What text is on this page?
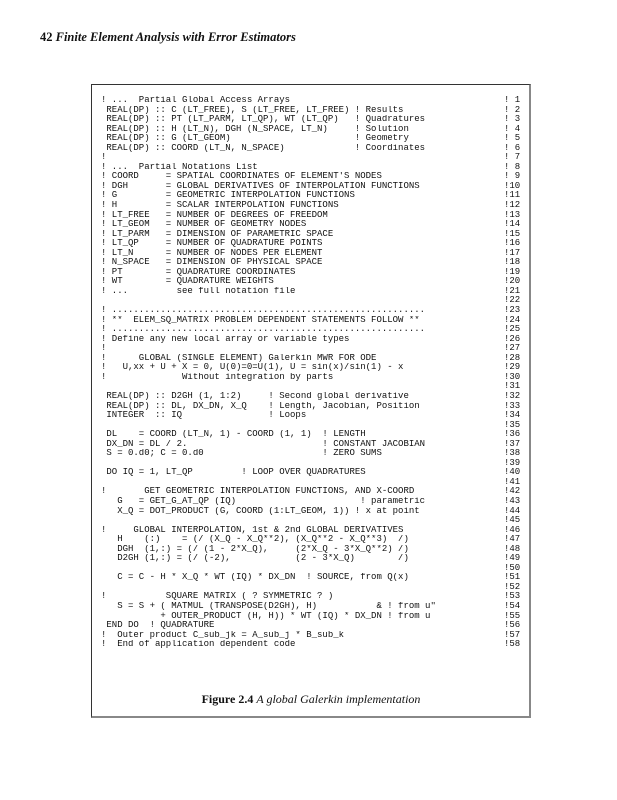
42 Finite Element Analysis with Error Estimators
! ...  Partial Global Access Arrays	! 1
REAL(DP) :: C (LT_FREE), S (LT_FREE, LT_FREE) ! Results	! 2
REAL(DP) :: PT (LT_PARM, LT_QP), WT (LT_QP)   ! Quadratures	! 3
REAL(DP) :: H (LT_N), DGH (N_SPACE, LT_N)     ! Solution	! 4
REAL(DP) :: G (LT_GEOM)                       ! Geometry	! 5
REAL(DP) :: COORD (LT_N, N_SPACE)             ! Coordinates	! 6
!	! 7
! ...  Partial Notations List	! 8
! COORD     = SPATIAL COORDINATES OF ELEMENT'S NODES	! 9
! DGH       = GLOBAL DERIVATIVES OF INTERPOLATION FUNCTIONS	!10
! G         = GEOMETRIC INTERPOLATION FUNCTIONS	!11
! H         = SCALAR INTERPOLATION FUNCTIONS	!12
! LT_FREE   = NUMBER OF DEGREES OF FREEDOM	!13
! LT_GEOM   = NUMBER OF GEOMETRY NODES	!14
! LT_PARM   = DIMENSION OF PARAMETRIC SPACE	!15
! LT_QP     = NUMBER OF QUADRATURE POINTS	!16
! LT_N      = NUMBER OF NODES PER ELEMENT	!17
! N_SPACE   = DIMENSION OF PHYSICAL SPACE	!18
! PT        = QUADRATURE COORDINATES	!19
! WT        = QUADRATURE WEIGHTS	!20
! ...         see full notation file	!21
!22
! ..........................................................	!23
! **  ELEM_SQ_MATRIX PROBLEM DEPENDENT STATEMENTS FOLLOW **	!24
! ..........................................................	!25
! Define any new local array or variable types	!26
!	!27
!      GLOBAL (SINGLE ELEMENT) Galerkin MWR FOR ODE	!28
!   U,xx + U + X = 0, U(0)=0=U(1), U = sin(x)/sin(1) - x	!29
!              Without integration by parts	!30
!31
REAL(DP) :: D2GH (1, 1:2)     ! Second global derivative	!32
REAL(DP) :: DL, DX_DN, X_Q    ! Length, Jacobian, Position	!33
INTEGER  :: IQ                ! Loops	!34
!35
DL    = COORD (LT_N, 1) - COORD (1, 1)  ! LENGTH	!36
DX_DN = DL / 2.                         ! CONSTANT JACOBIAN	!37
S = 0.d0; C = 0.d0                      ! ZERO SUMS	!38
!39
DO IQ = 1, LT_QP         ! LOOP OVER QUADRATURES	!40
!41
!       GET GEOMETRIC INTERPOLATION FUNCTIONS, AND X-COORD	!42
G   = GET_G_AT_QP (IQ)                       ! parametric	!43
X_Q = DOT_PRODUCT (G, COORD (1:LT_GEOM, 1)) ! x at point	!44
!45
!     GLOBAL INTERPOLATION, 1st & 2nd GLOBAL DERIVATIVES	!46
H    (:)    = (/ (X_Q - X_Q**2), (X_Q**2 - X_Q**3)  /)	!47
DGH  (1,:) = (/ (1 - 2*X_Q),     (2*X_Q - 3*X_Q**2) /)	!48
D2GH (1,:) = (/ (-2),            (2 - 3*X_Q)        /)	!49
!50
C = C - H * X_Q * WT (IQ) * DX_DN  ! SOURCE, from Q(x)	!51
!52
!           SQUARE MATRIX ( ? SYMMETRIC ? )	!53
S = S + ( MATMUL (TRANSPOSE(D2GH), H)           & ! from u"	!54
+ OUTER_PRODUCT (H, H)) * WT (IQ) * DX_DN ! from u	!55
END DO  ! QUADRATURE	!56
!  Outer product C_sub_jk = A_sub_j * B_sub_k	!57
!  End of application dependent code	!58
Figure 2.4 A global Galerkin implementation
